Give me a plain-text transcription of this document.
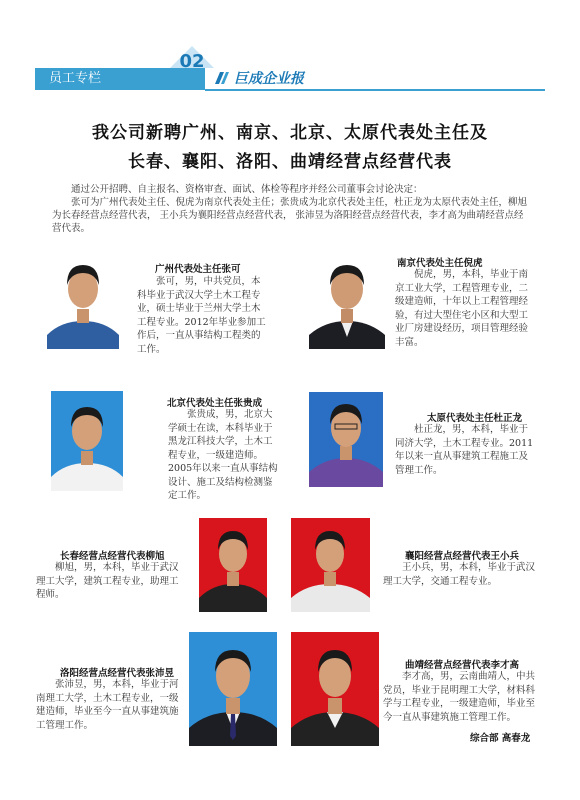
员工专栏
02
巨成企业报
我公司新聘广州、南京、北京、太原代表处主任及
长春、襄阳、洛阳、曲靖经营点经营代表

通过公开招聘、自主报名、资格审查、面试、体检等程序并经公司董事会讨论决定：

张可为广州代表处主任、倪虎为南京代表处主任；张贵成为北京代表处主任，杜正龙为太原代表处主任，柳旭为长春经营点经营代表， 王小兵为襄阳经营点经营代表， 张沛昱为洛阳经营点经营代表，李才高为曲靖经营点经营代表。

广州代表处主任张可
张可，男，中共党员，本科毕业于武汉大学土木工程专业，硕士毕业于兰州大学土木工程专业。2012年毕业参加工作后，一直从事结构工程类的工作。
南京代表处主任倪虎
倪虎，男，本科，毕业于南京工业大学，工程管理专业，二级建造师，十年以上工程管理经验，有过大型住宅小区和大型工业厂房建设经历，项目管理经验丰富。
北京代表处主任张贵成
张贵成，男，北京大学硕士在读，本科毕业于黑龙江科技大学，土木工程专业，一级建造师。2005年以来一直从事结构设计、施工及结构检测鉴定工作。
太原代表处主任杜正龙
杜正龙，男，本科，毕业于同济大学，土木工程专业。2011年以来一直从事建筑工程施工及管理工作。
长春经营点经营代表柳旭
柳旭，男，本科，毕业于武汉理工大学，建筑工程专业，助理工程师。
襄阳经营点经营代表王小兵
王小兵，男，本科，毕业于武汉理工大学，交通工程专业。
洛阳经营点经营代表张沛昱
张沛昱，男，本科，毕业于河南理工大学，土木工程专业，一级建造师，毕业至今一直从事建筑施工管理工作。
曲靖经营点经营代表李才高
李才高，男，云南曲靖人，中共党员，毕业于昆明理工大学，材料科学与工程专业，一级建造师，毕业至今一直从事建筑施工管理工作。
综合部 高春龙
